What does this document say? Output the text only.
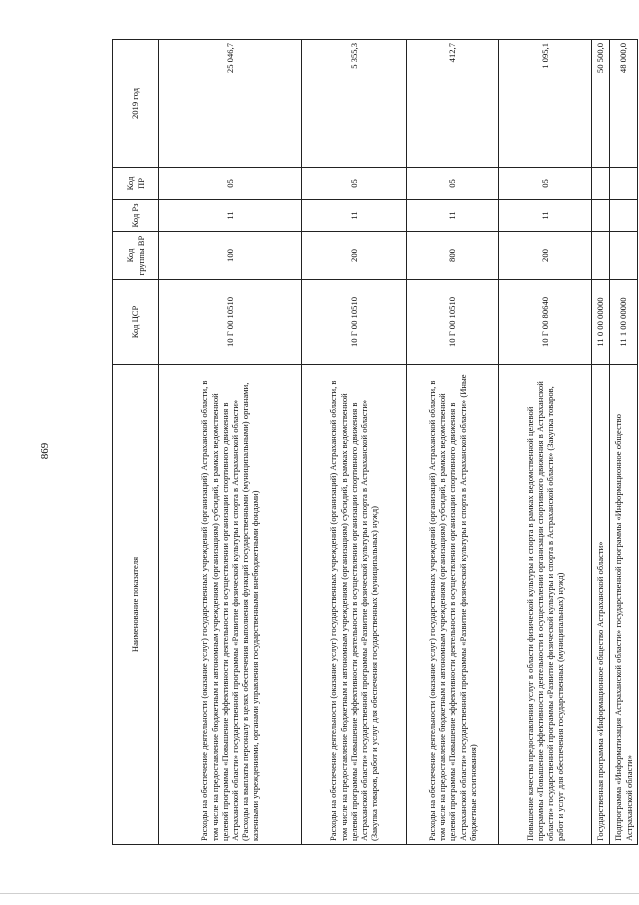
869
Наименование показателя	Код ЦСР	Код группы ВР	Код Рз	Код ПР	2019 год
Расходы на обеспечение деятельности (оказание услуг) государственных учреждений (организаций) Астраханской области, в том числе на предоставление бюджетным и автономным учреждениям (организациям) субсидий, в рамках ведомственной целевой программы «Повышение эффективности деятельности в осуществлении организации спортивного движения в Астраханской области» государственной программы «Развитие физической культуры и спорта в Астраханской области» (Расходы на выплаты персоналу в целях обеспечения выполнения функций государственными (муниципальными) органами, казенными учреждениями, органами управления государственными внебюджетными фондами)	10 Г 00 10510	100	11	05	25 046,7
Расходы на обеспечение деятельности (оказание услуг) государственных учреждений (организаций) Астраханской области, в том числе на предоставление бюджетным и автономным учреждениям (организациям) субсидий, в рамках ведомственной целевой программы «Повышение эффективности деятельности в осуществлении организации спортивного движения в Астраханской области» государственной программы «Развитие физической культуры и спорта в Астраханской области» (Закупка товаров, работ и услуг для обеспечения государственных (муниципальных) нужд)	10 Г 00 10510	200	11	05	5 355,3
Расходы на обеспечение деятельности (оказание услуг) государственных учреждений (организаций) Астраханской области, в том числе на предоставление бюджетным и автономным учреждениям (организациям) субсидий, в рамках ведомственной целевой программы «Повышение эффективности деятельности в осуществлении организации спортивного движения в Астраханской области» государственной программы «Развитие физической культуры и спорта в Астраханской области» (Иные бюджетные ассигнования)	10 Г 00 10510	800	11	05	412,7
Повышение качества предоставления услуг в области физической культуры и спорта в рамках ведомственной целевой программы «Повышение эффективности деятельности в осуществлении организации спортивного движения в Астраханской области» государственной программы «Развитие физической культуры и спорта в Астраханской области» (Закупка товаров, работ и услуг для обеспечения государственных (муниципальных) нужд)	10 Г 00 80640	200	11	05	1 095,1
Государственная программа «Информационное общество Астраханской области»	11 0 00 00000				50 500,0
Подпрограмма «Информатизация Астраханской области» государственной программы «Информационное общество Астраханской области»	11 1 00 00000				48 000,0
